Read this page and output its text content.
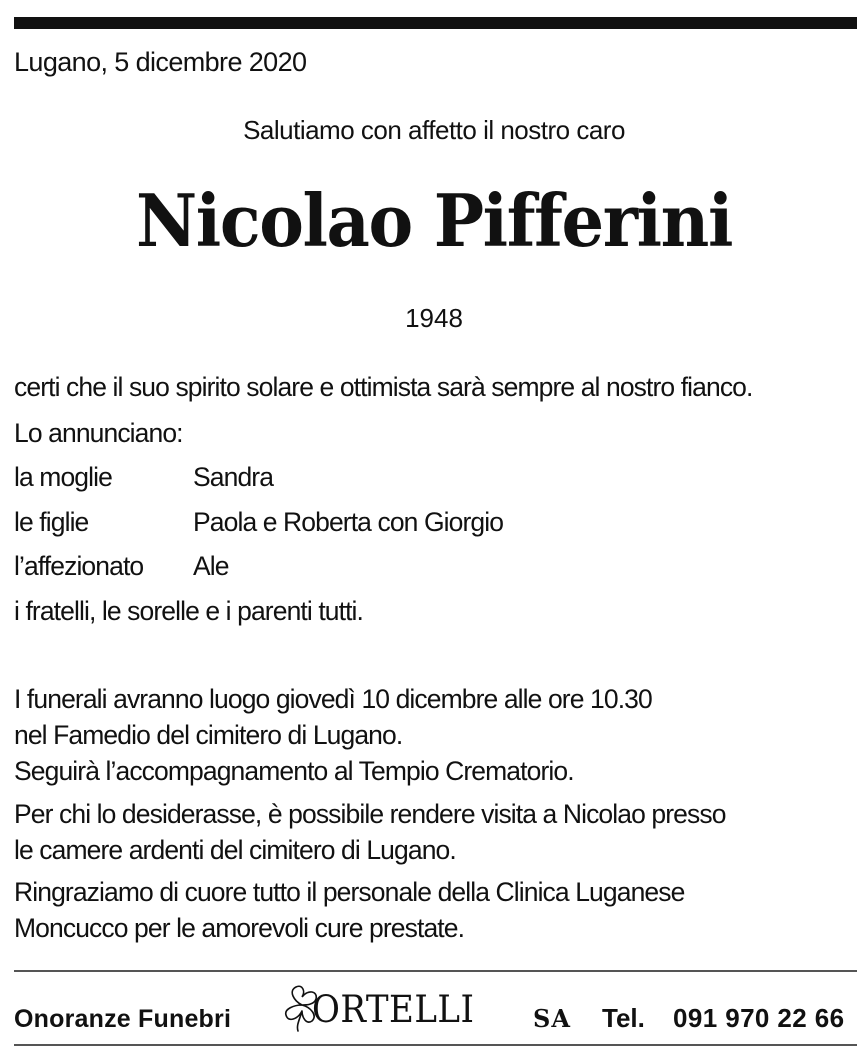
Lugano, 5 dicembre 2020
Salutiamo con affetto il nostro caro
Nicolao Pifferini
1948
certi che il suo spirito solare e ottimista sarà sempre al nostro fianco.
Lo annunciano:
la moglie	Sandra
le figlie	Paola e Roberta con Giorgio
l’affezionato Ale
i fratelli, le sorelle e i parenti tutti.
I funerali avranno luogo giovedì 10 dicembre alle ore 10.30
nel Famedio del cimitero di Lugano.
Seguirà l’accompagnamento al Tempio Crematorio.
Per chi lo desiderasse, è possibile rendere visita a Nicolao presso
le camere ardenti del cimitero di Lugano.
Ringraziamo di cuore tutto il personale della Clinica Luganese
Moncucco per le amorevoli cure prestate.
Onoranze Funebri ORTELLI SA Tel. 091 970 22 66
